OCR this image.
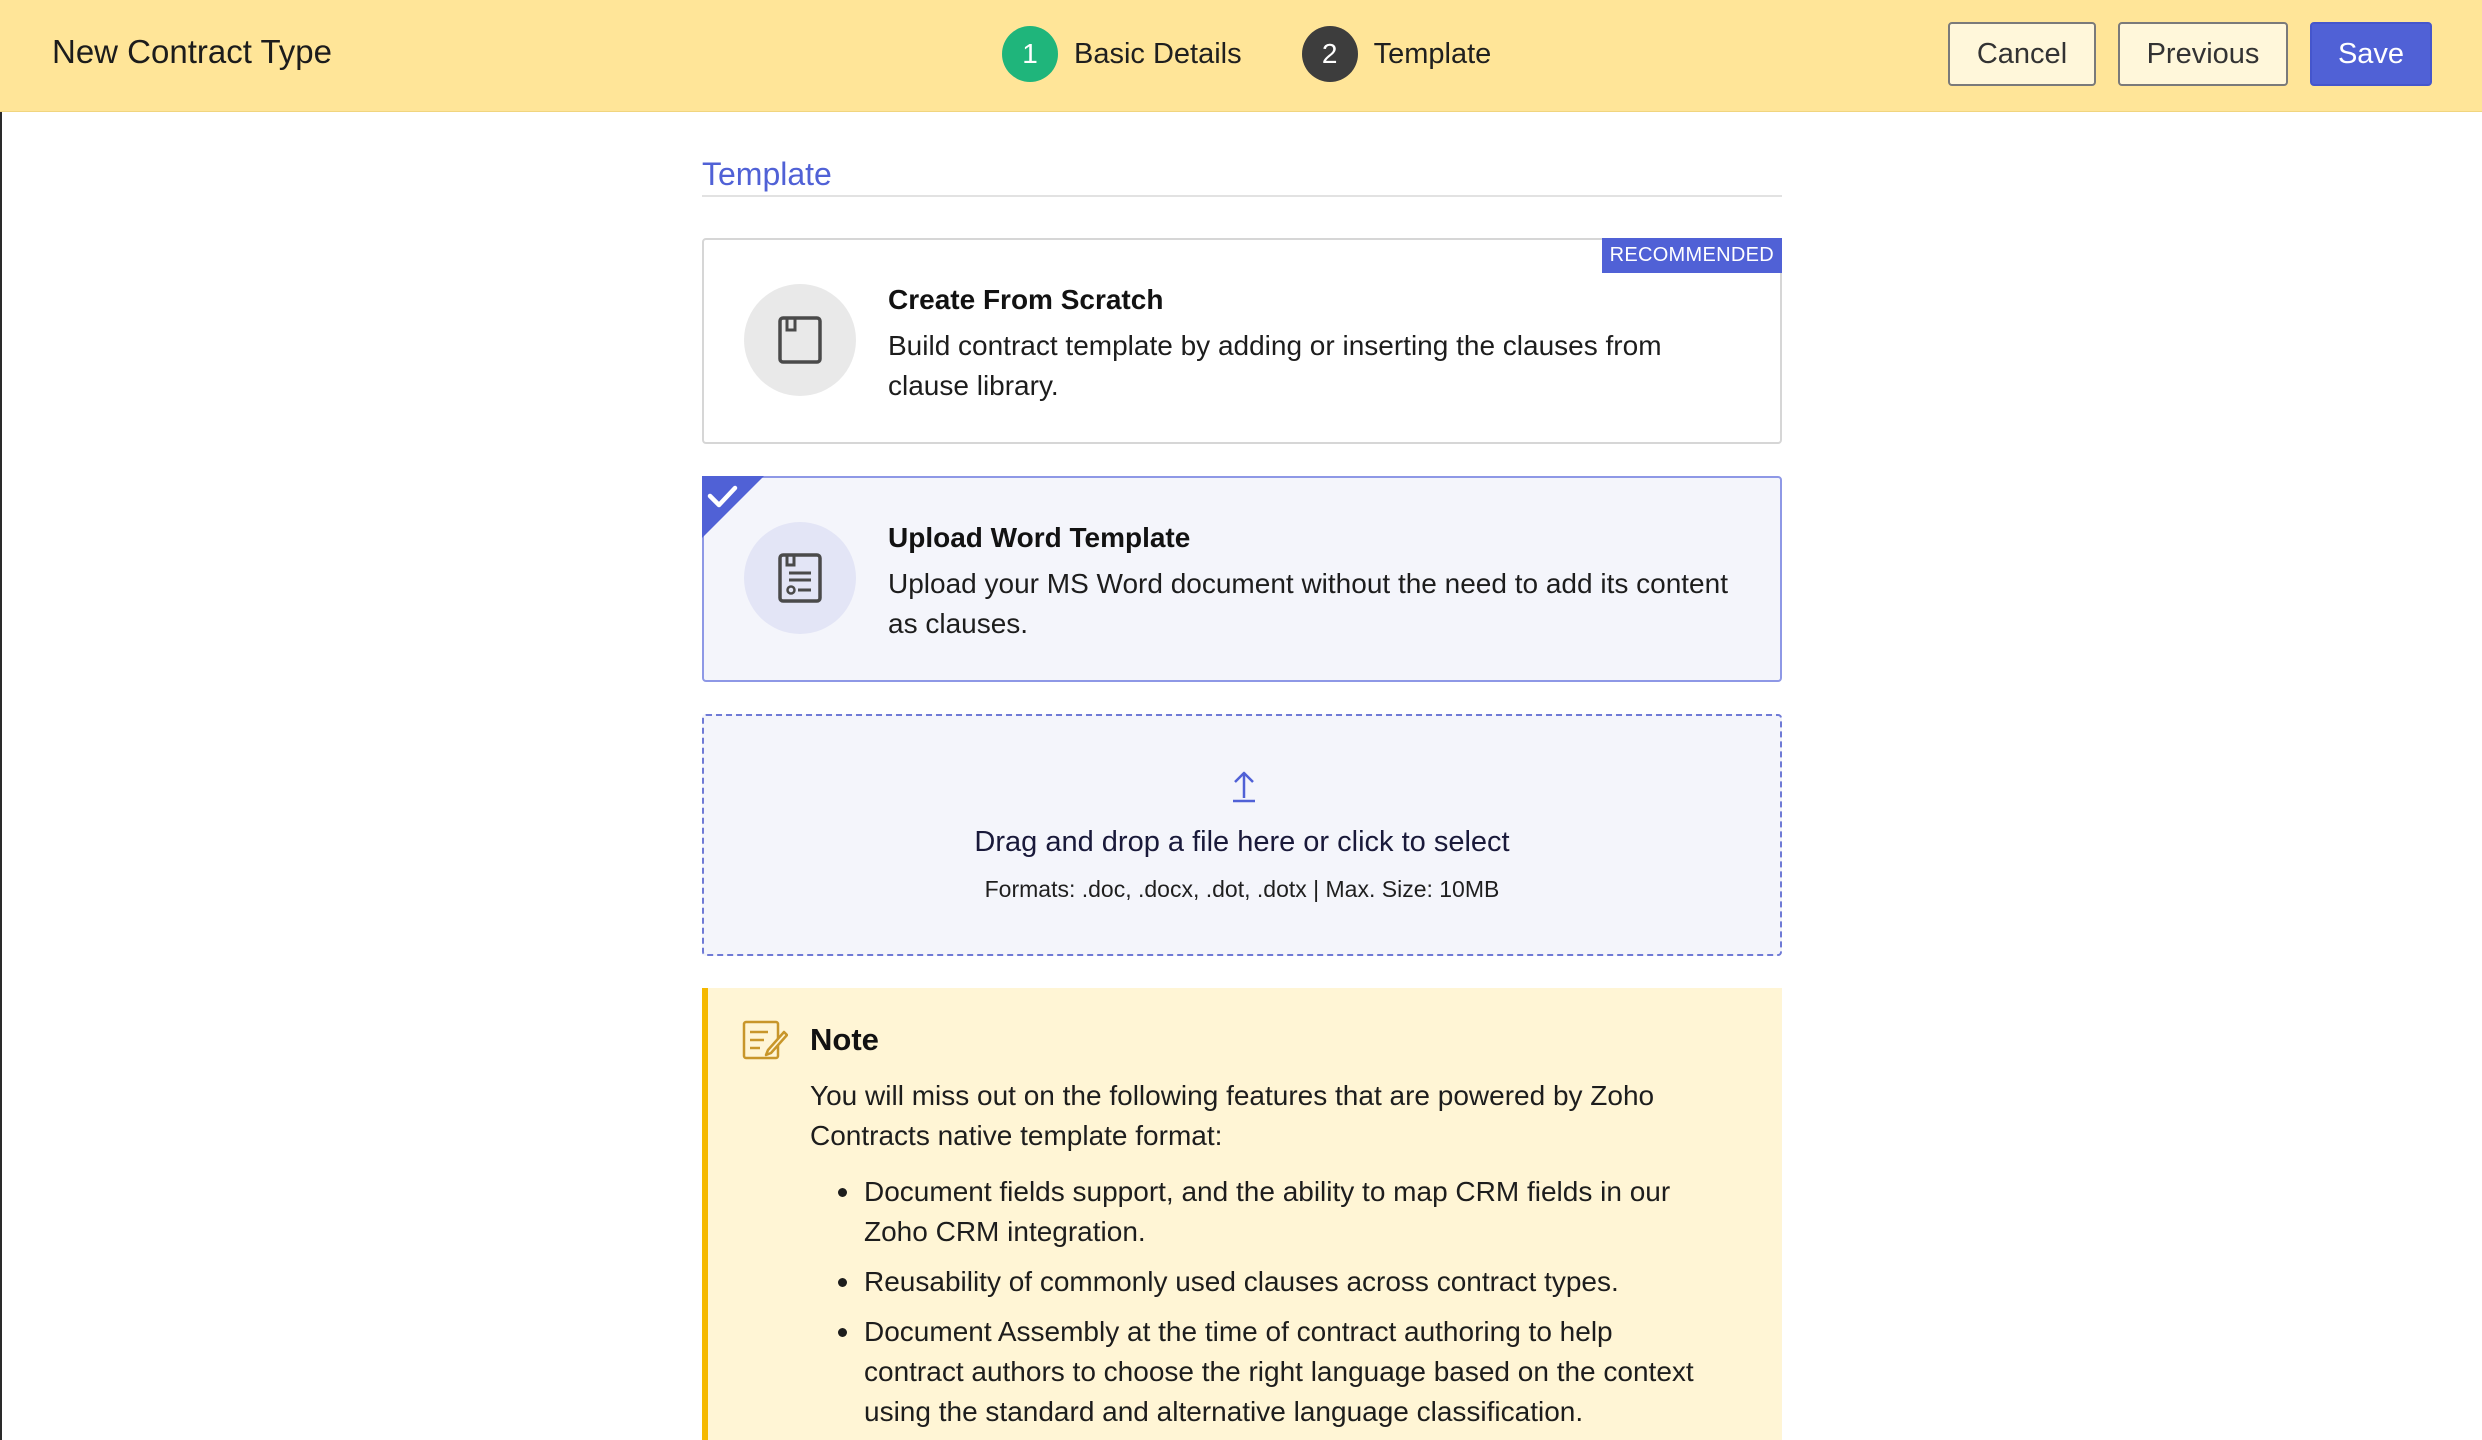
New Contract Type	1	Basic Details	2	Template	Cancel	Previous	Save
Template
RECOMMENDED
Create From Scratch
Build contract template by adding or inserting the clauses from clause library.
Upload Word Template
Upload your MS Word document without the need to add its content as clauses.
Drag and drop a file here or click to select
Formats: .doc, .docx, .dot, .dotx | Max. Size: 10MB
Note
You will miss out on the following features that are powered by Zoho Contracts native template format:
Document fields support, and the ability to map CRM fields in our Zoho CRM integration.
Reusability of commonly used clauses across contract types.
Document Assembly at the time of contract authoring to help contract authors to choose the right language based on the context using the standard and alternative language classification.
